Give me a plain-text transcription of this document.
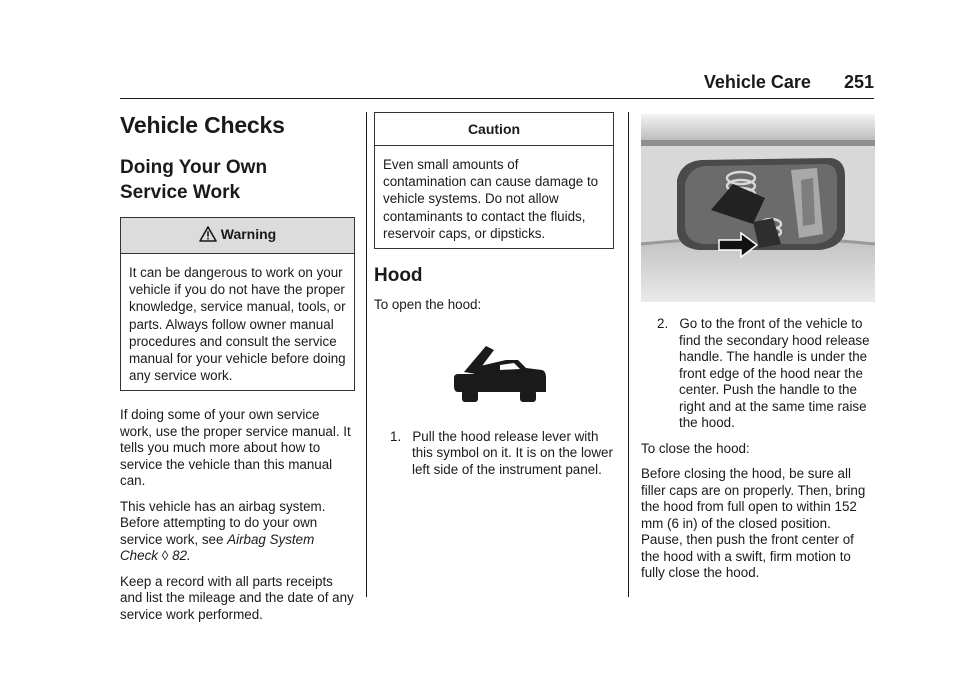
Vehicle Care 251
Vehicle Checks
Doing Your Own
Service Work
Warning

It can be dangerous to work on your vehicle if you do not have the proper knowledge, service manual, tools, or parts. Always follow owner manual procedures and consult the service manual for your vehicle before doing any service work.

If doing some of your own service work, use the proper service manual. It tells you much more about how to service the vehicle than this manual can.

This vehicle has an airbag system. Before attempting to do your own service work, see Airbag System Check ◊ 82.

Keep a record with all parts receipts and list the mileage and the date of any service work performed.

Caution

Even small amounts of contamination can cause damage to vehicle systems. Do not allow contaminants to contact the fluids, reservoir caps, or dipsticks.

Hood

To open the hood:

1. Pull the hood release lever with this symbol on it. It is on the lower left side of the instrument panel.
2. Go to the front of the vehicle to find the secondary hood release handle. The handle is under the front edge of the hood near the center. Push the handle to the right and at the same time raise the hood.

To close the hood:

Before closing the hood, be sure all filler caps are on properly. Then, bring the hood from full open to within 152 mm (6 in) of the closed position. Pause, then push the front center of the hood with a swift, firm motion to fully close the hood.
